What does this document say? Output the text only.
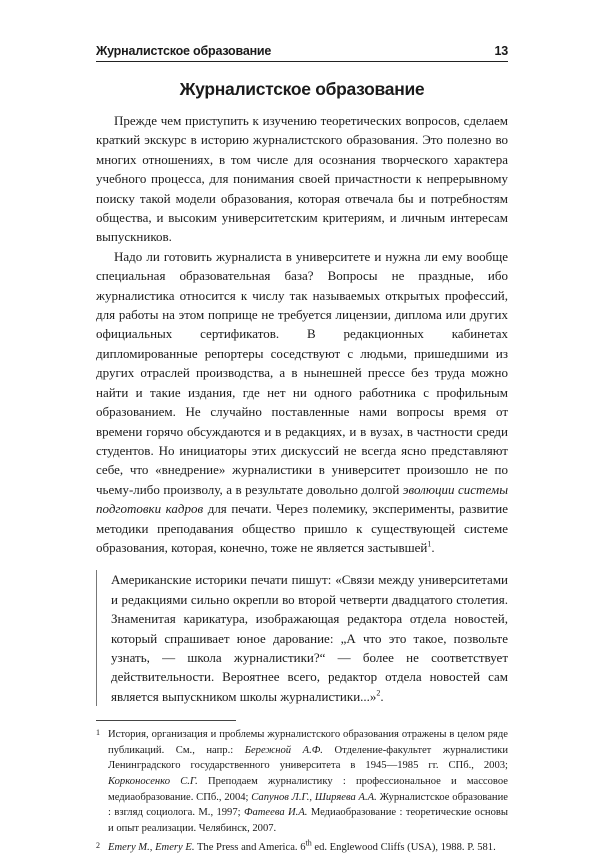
Журналистское образование	13
Журналистское образование

Прежде чем приступить к изучению теоретических вопросов, сделаем краткий экскурс в историю журналистского образования. Это полезно во многих отношениях, в том числе для осознания творческого характера учебного процесса, для понимания своей причастности к непрерывному поиску такой модели образования, которая отвечала бы и потребностям общества, и высоким университетским критериям, и личным интересам выпускников.

Надо ли готовить журналиста в университете и нужна ли ему вообще специальная образовательная база? Вопросы не праздные, ибо журналистика относится к числу так называемых открытых профессий, для работы на этом поприще не требуется лицензии, диплома или других официальных сертификатов. В редакционных кабинетах дипломированные репортеры соседствуют с людьми, пришедшими из других отраслей производства, а в нынешней прессе без труда можно найти и такие издания, где нет ни одного работника с профильным образованием. Не случайно поставленные нами вопросы время от времени горячо обсуждаются и в редакциях, и в вузах, в частности среди студентов. Но инициаторы этих дискуссий не всегда ясно представляют себе, что «внедрение» журналистики в университет произошло не по чьему-либо произволу, а в результате довольно долгой эволюции системы подготовки кадров для печати. Через полемику, эксперименты, развитие методики преподавания общество пришло к существующей системе образования, которая, конечно, тоже не является застывшей$^1$.

Американские историки печати пишут: «Связи между университетами и редакциями сильно окрепли во второй четверти двадцатого столетия. Знаменитая карикатура, изображающая редактора отдела новостей, который спрашивает юное дарование: „А что это такое, позвольте узнать, — школа журналистики?“ — более не соответствует действительности. Вероятнее всего, редактор отдела новостей сам является выпускником школы журналистики...»$^2$.

1 История, организация и проблемы журналистского образования отражены в целом ряде публикаций. См., напр.: Бережной А.Ф. Отделение-факультет журналистики Ленинградского государственного университета в 1945—1985 гг. СПб., 2003; Корконосенко С.Г. Преподаем журналистику : профессиональное и массовое медиаобразование. СПб., 2004; Сапунов Л.Г., Ширяева А.А. Журналистское образование : взгляд социолога. М., 1997; Фатеева И.А. Медиаобразование : теоретические основы и опыт реализации. Челябинск, 2007.
2 Emery M., Emery E. The Press and America. 6th ed. Englewood Cliffs (USA), 1988. P. 581.
